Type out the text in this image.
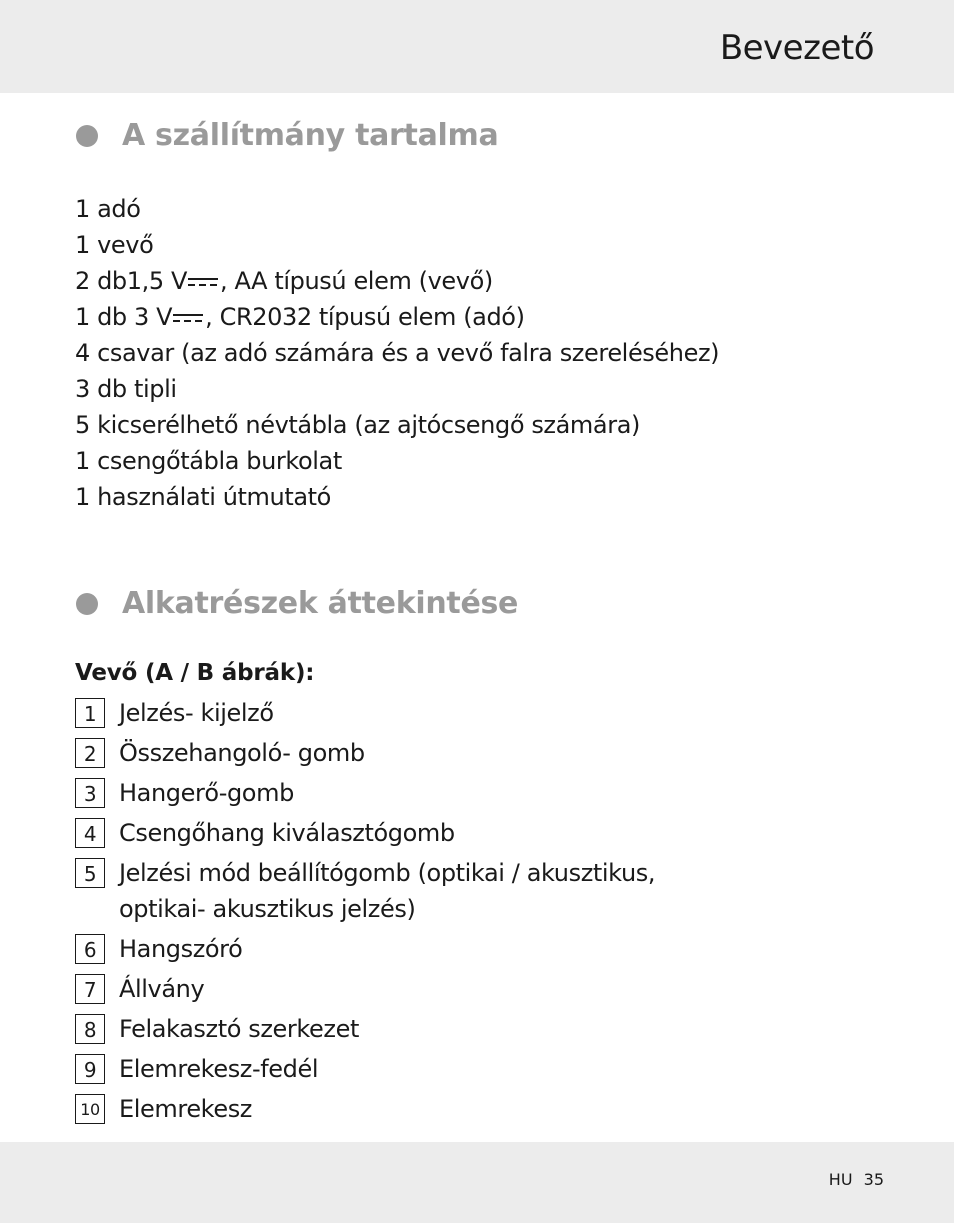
Bevezető
A szállítmány tartalma
1 adó
1 vevő
2 db1,5 V , AA típusú elem (vevő)
1 db 3 V , CR2032 típusú elem (adó)
4 csavar (az adó számára és a vevő falra szereléséhez)
3 db tipli
5 kicserélhető névtábla (az ajtócsengő számára)
1 csengőtábla burkolat
1 használati útmutató
Alkatrészek áttekintése
Vevő (A / B ábrák):
1 Jelzés- kijelző
2 Összehangoló- gomb
3 Hangerő-gomb
4 Csengőhang kiválasztógomb
5 Jelzési mód beállítógomb (optikai / akusztikus, optikai- akusztikus jelzés)
6 Hangszóró
7 Állvány
8 Felakasztó szerkezet
9 Elemrekesz-fedél
10 Elemrekesz
HU 35
